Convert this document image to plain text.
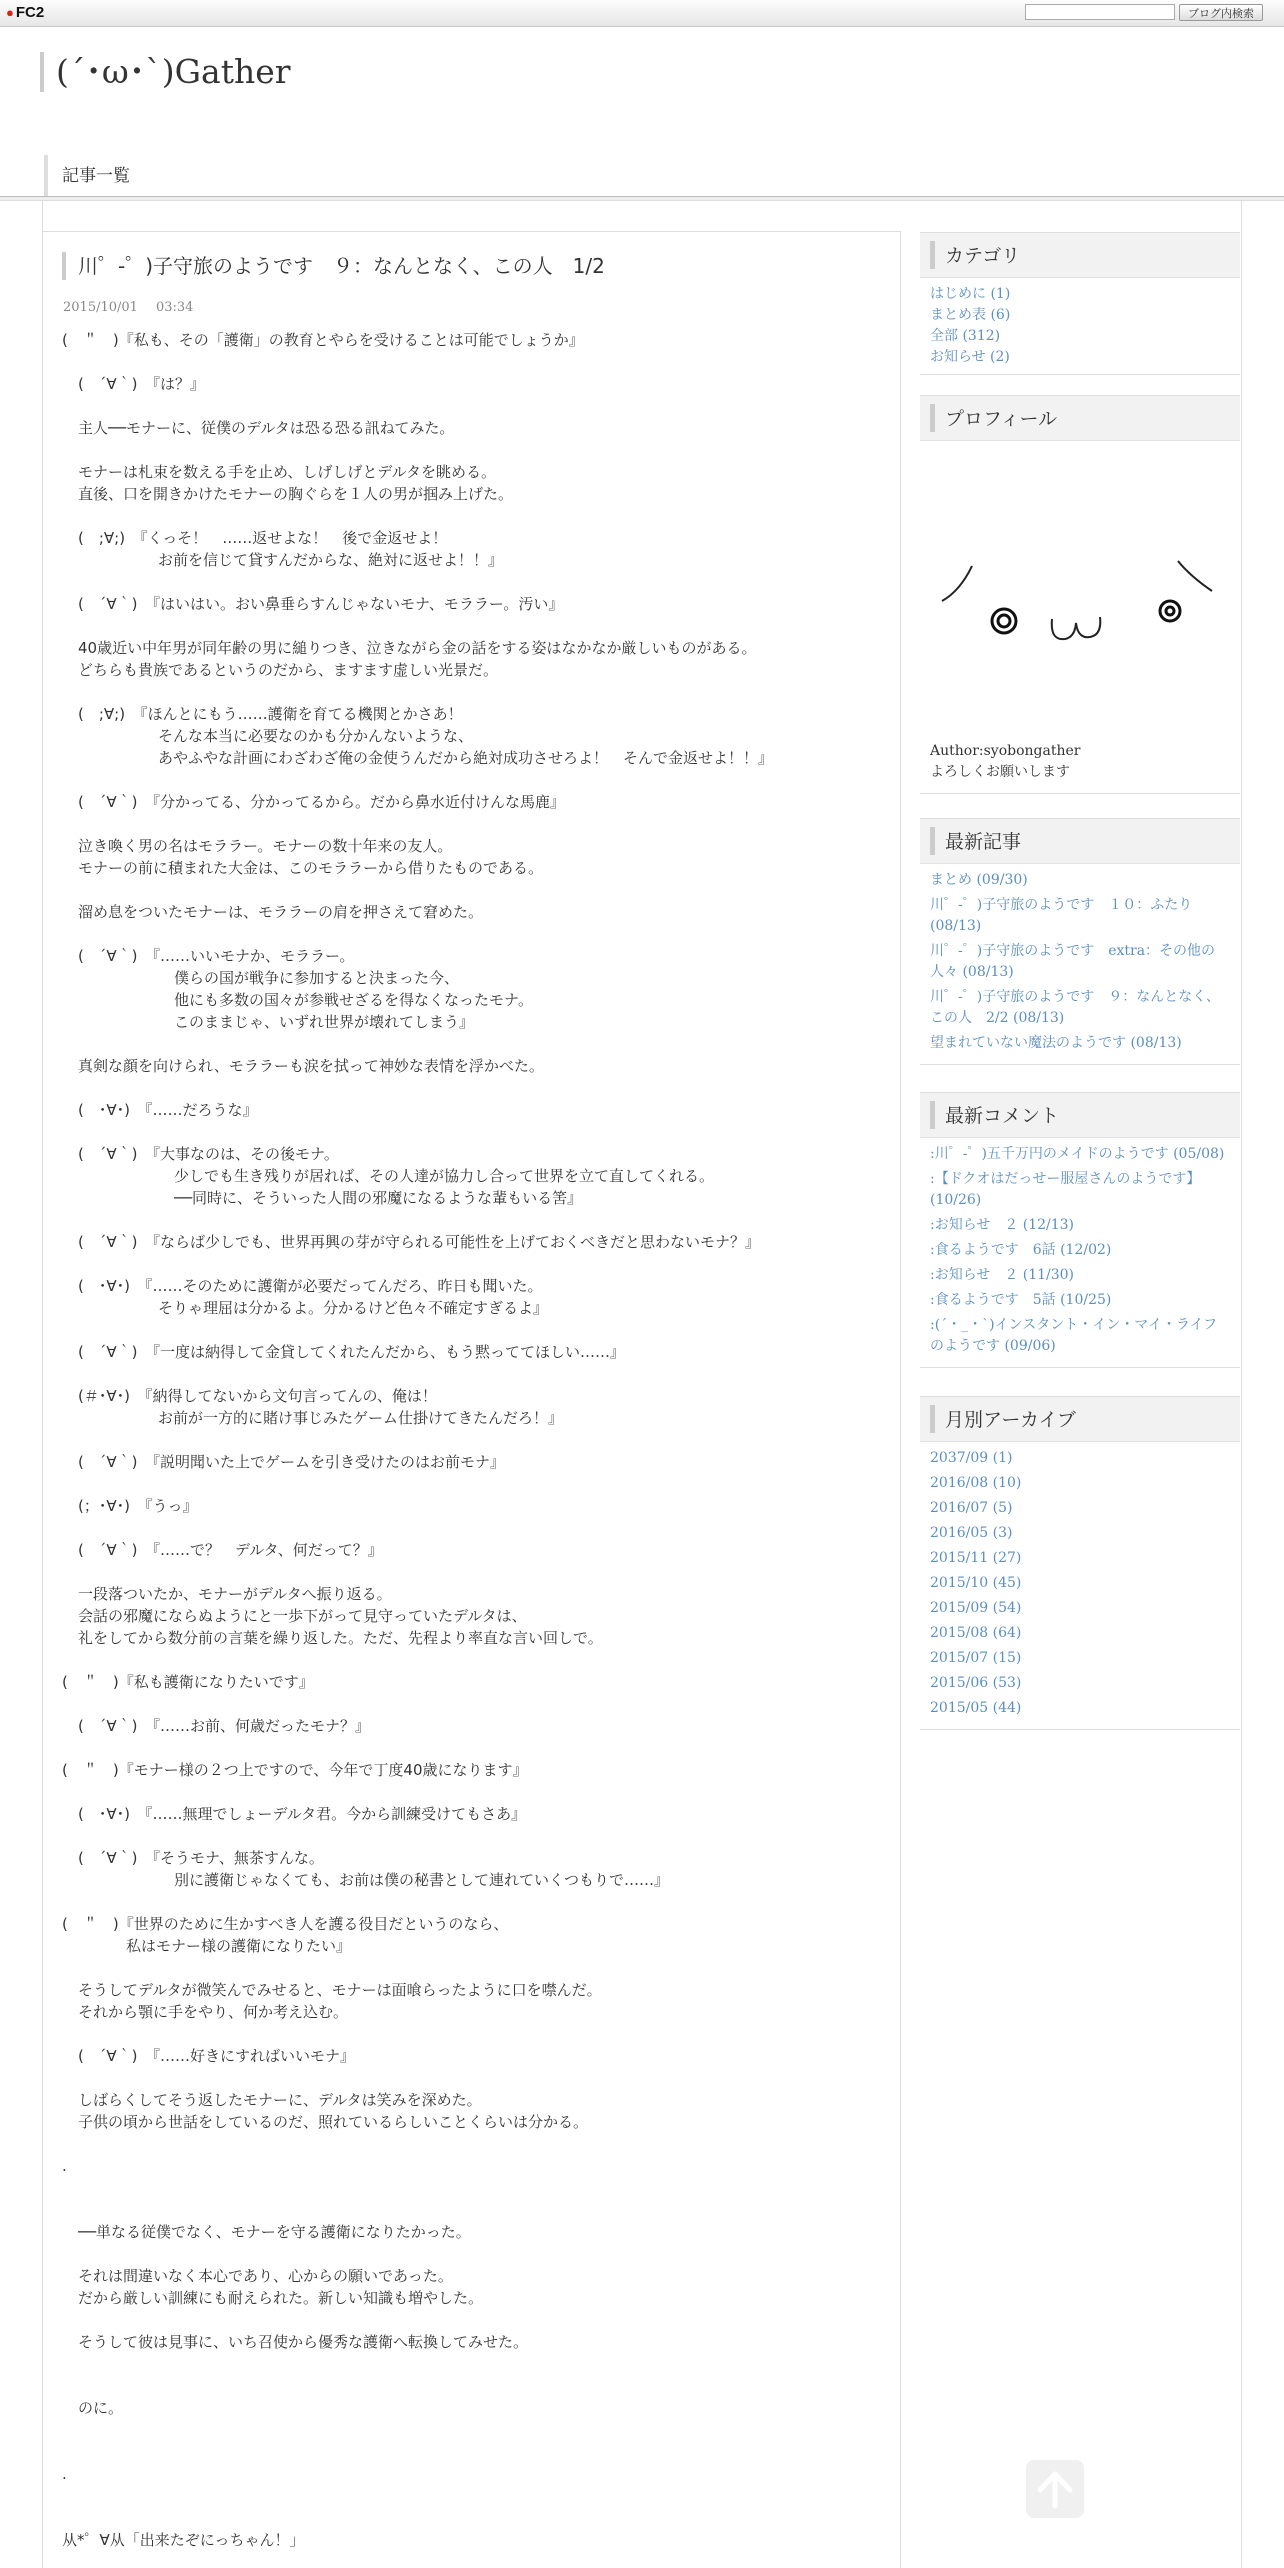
● FC2	ブログ内検索
(´･ω･`)Gather
記事一覧
川゜-゜)子守旅のようです　９：なんとなく、この人　1/2
2015/10/01 03:34
(　＂　)『私も、その「護衛」の教育とやらを受けることは可能でしょうか』
(　´∀｀)　『は？』
主人──モナーに、従僕のデルタは恐る恐る訊ねてみた。
モナーは札束を数える手を止め、しげしげとデルタを眺める。
直後、口を開きかけたモナーの胸ぐらを１人の男が掴み上げた。
(　;∀;)　『くっそ！　……返せよな！　後で金返せよ！
お前を信じて貸すんだからな、絶対に返せよ！！』
(　´∀｀)　『はいはい。おい鼻垂らすんじゃないモナ、モララー。汚い』
40歳近い中年男が同年齢の男に縋りつき、泣きながら金の話をする姿はなかなか厳しいものがある。
どちらも貴族であるというのだから、ますます虚しい光景だ。
(　;∀;)　『ほんとにもう……護衛を育てる機関とかさあ！
そんな本当に必要なのかも分かんないような、
あやふやな計画にわざわざ俺の金使うんだから絶対成功させろよ！　そんで金返せよ！！』
(　´∀｀)　『分かってる、分かってるから。だから鼻水近付けんな馬鹿』
泣き喚く男の名はモララー。モナーの数十年来の友人。
モナーの前に積まれた大金は、このモララーから借りたものである。
溜め息をついたモナーは、モララーの肩を押さえて窘めた。
(　´∀｀)　『……いいモナか、モララー。
僕らの国が戦争に参加すると決まった今、
他にも多数の国々が参戦せざるを得なくなったモナ。
このままじゃ、いずれ世界が壊れてしまう』
真剣な顔を向けられ、モララーも涙を拭って神妙な表情を浮かべた。
(　･∀･)　『……だろうな』
(　´∀｀)　『大事なのは、その後モナ。
少しでも生き残りが居れば、その人達が協力し合って世界を立て直してくれる。
──同時に、そういった人間の邪魔になるような輩もいる筈』
(　´∀｀)　『ならば少しでも、世界再興の芽が守られる可能性を上げておくべきだと思わないモナ？』
(　･∀･)　『……そのために護衛が必要だってんだろ、昨日も聞いた。
そりゃ理屈は分かるよ。分かるけど色々不確定すぎるよ』
(　´∀｀)　『一度は納得して金貸してくれたんだから、もう黙っててほしい……』
(＃･∀･)　『納得してないから文句言ってんの、俺は！
お前が一方的に賭け事じみたゲーム仕掛けてきたんだろ！』
(　´∀｀)　『説明聞いた上でゲームを引き受けたのはお前モナ』
(；･∀･)　『うっ』
(　´∀｀)　『……で？　デルタ、何だって？』
一段落ついたか、モナーがデルタへ振り返る。
会話の邪魔にならぬようにと一歩下がって見守っていたデルタは、
礼をしてから数分前の言葉を繰り返した。ただ、先程より率直な言い回しで。
(　＂　)『私も護衛になりたいです』
(　´∀｀)　『……お前、何歳だったモナ？』
(　＂　)『モナー様の２つ上ですので、今年で丁度40歳になります』
(　･∀･)　『……無理でしょーデルタ君。今から訓練受けてもさあ』
(　´∀｀)　『そうモナ、無茶すんな。
別に護衛じゃなくても、お前は僕の秘書として連れていくつもりで……』
(　＂　)『世界のために生かすべき人を護る役目だというのなら、
私はモナー様の護衛になりたい』
そうしてデルタが微笑んでみせると、モナーは面喰らったように口を噤んだ。
それから顎に手をやり、何か考え込む。
(　´∀｀)　『……好きにすればいいモナ』
しばらくしてそう返したモナーに、デルタは笑みを深めた。
子供の頃から世話をしているのだ、照れているらしいことくらいは分かる。
.
──単なる従僕でなく、モナーを守る護衛になりたかった。
それは間違いなく本心であり、心からの願いであった。
だから厳しい訓練にも耐えられた。新しい知識も増やした。
そうして彼は見事に、いち召使から優秀な護衛へ転換してみせた。
のに。
.
从*゜∀从「出来たぞにっちゃん！」
カテゴリ
はじめに (1)
まとめ表 (6)
全部 (312)
お知らせ (2)
プロフィール
Author:syobongather
よろしくお願いします
最新記事
まとめ (09/30)
川゜-゜)子守旅のようです　１０：ふたり (08/13)
川゜-゜)子守旅のようです　extra：その他の人々 (08/13)
川゜-゜)子守旅のようです　９：なんとなく、この人　2/2 (08/13)
望まれていない魔法のようです (08/13)
最新コメント
:川゜-゜)五千万円のメイドのようです (05/08)
:【ドクオはだっせー服屋さんのようです】(10/26)
:お知らせ　２ (12/13)
:食るようです　6話 (12/02)
:お知らせ　２ (11/30)
:食るようです　5話 (10/25)
:(´・_・`)インスタント・イン・マイ・ライフのようです (09/06)
月別アーカイブ
2037/09 (1)
2016/08 (10)
2016/07 (5)
2016/05 (3)
2015/11 (27)
2015/10 (45)
2015/09 (54)
2015/08 (64)
2015/07 (15)
2015/06 (53)
2015/05 (44)
